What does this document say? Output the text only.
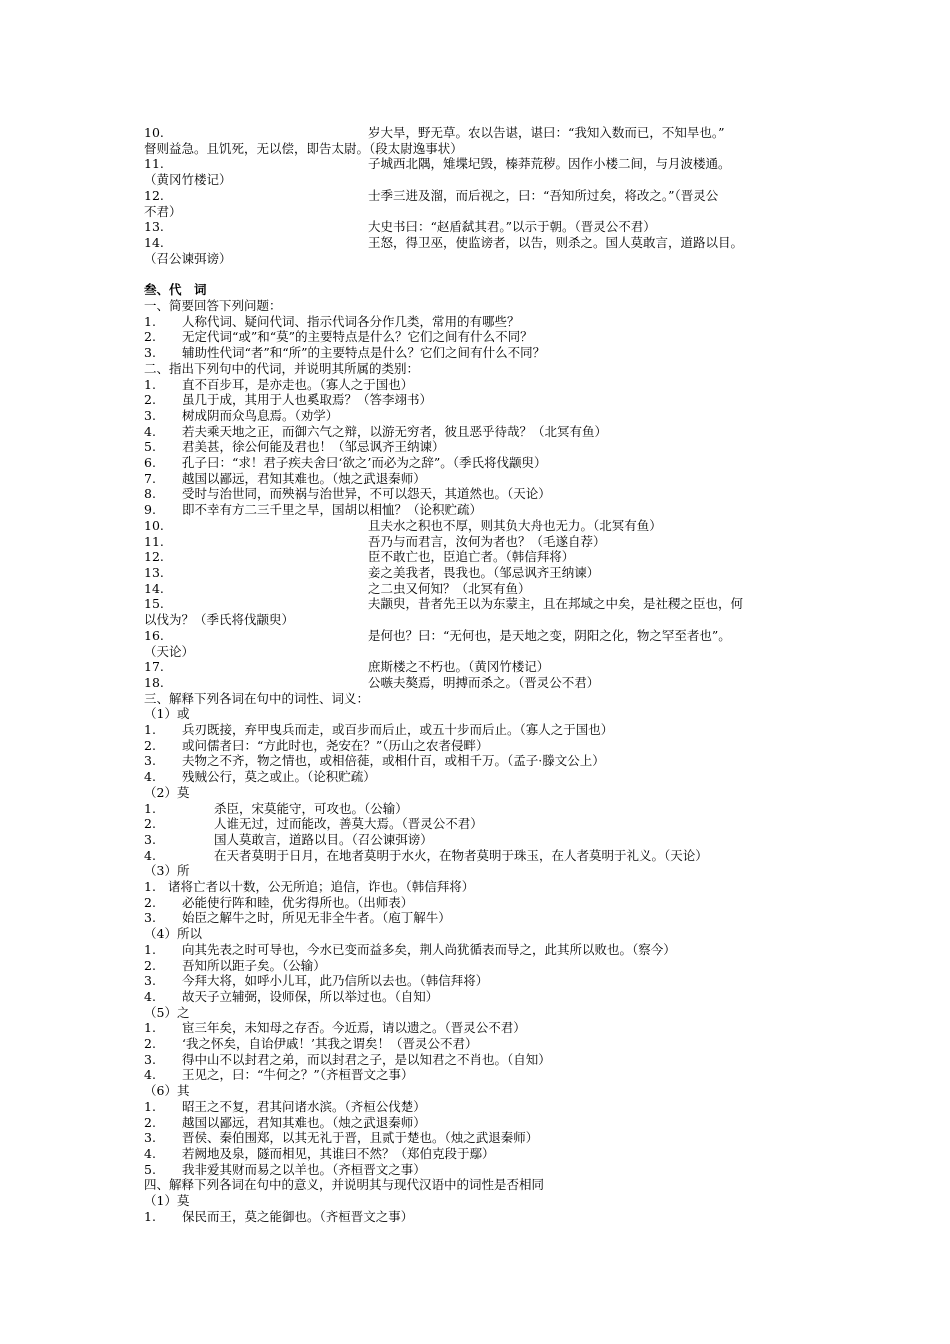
10.	岁大旱，野无草。农以告谌，谌曰：“我知入数而已，不知旱也。”
督则益急。且饥死，无以偿，即告太尉。（段太尉逸事状）
11.	子城西北隅，雉堞圮毁，榛莽荒秽。因作小楼二间，与月波楼通。
（黄冈竹楼记）
12.	士季三进及溜，而后视之，曰：“吾知所过矣，将改之。”（晋灵公
不君）
13.	大史书曰：“赵盾弑其君。”以示于朝。（晋灵公不君）
14.	王怒，得卫巫，使监谤者，以告，则杀之。国人莫敢言，道路以目。
（召公谏弭谤）
叁、代　词
一、简要回答下列问题：
1. 人称代词、疑问代词、指示代词各分作几类，常用的有哪些？
2. 无定代词“或”和“莫”的主要特点是什么？它们之间有什么不同？
3. 辅助性代词“者”和“所”的主要特点是什么？它们之间有什么不同？
二、指出下列句中的代词，并说明其所属的类别：
1. 直不百步耳，是亦走也。（寡人之于国也）
2. 虽几于成，其用于人也奚取焉？（答李翊书）
3. 树成阴而众鸟息焉。（劝学）
4. 若夫乘天地之正，而御六气之辩，以游无穷者，彼且恶乎待哉？（北冥有鱼）
5. 君美甚，徐公何能及君也！（邹忌讽齐王纳谏）
6. 孔子曰：“求！君子疾夫舍曰‘欲之’而必为之辞”。（季氏将伐颛臾）
7. 越国以鄙远，君知其难也。（烛之武退秦师）
8. 受时与治世同，而殃祸与治世异，不可以怨天，其道然也。（天论）
9. 即不幸有方二三千里之旱，国胡以相恤？（论积贮疏）
10.	且夫水之积也不厚，则其负大舟也无力。（北冥有鱼）
11.	吾乃与而君言，汝何为者也？（毛遂自荐）
12.	臣不敢亡也，臣追亡者。（韩信拜将）
13.	妾之美我者，畏我也。（邹忌讽齐王纳谏）
14.	之二虫又何知？（北冥有鱼）
15.	夫颛臾，昔者先王以为东蒙主，且在邦域之中矣，是社稷之臣也，何
以伐为？（季氏将伐颛臾）
16.	是何也？曰：“无何也，是天地之变，阴阳之化，物之罕至者也”。
（天论）
17.	庶斯楼之不朽也。（黄冈竹楼记）
18.	公嗾夫獒焉，明搏而杀之。（晋灵公不君）
三、解释下列各词在句中的词性、词义：
（1）或
1. 兵刃既接，弃甲曳兵而走，或百步而后止，或五十步而后止。（寡人之于国也）
2. 或问儒者曰：“方此时也，尧安在？”（历山之农者侵畔）
3. 夫物之不齐，物之情也，或相倍蓰，或相什百，或相千万。（孟子·滕文公上）
4. 残贼公行，莫之或止。（论积贮疏）
（2）莫
1.	杀臣，宋莫能守，可攻也。（公输）
2.	人谁无过，过而能改，善莫大焉。（晋灵公不君）
3.	国人莫敢言，道路以目。（召公谏弭谤）
4.	在天者莫明于日月，在地者莫明于水火，在物者莫明于珠玉，在人者莫明于礼义。（天论）
（3）所
1. 诸将亡者以十数，公无所追；追信，诈也。（韩信拜将）
2. 必能使行阵和睦，优劣得所也。（出师表）
3. 始臣之解牛之时，所见无非全牛者。（庖丁解牛）
（4）所以
1. 向其先表之时可导也，今水已变而益多矣，荆人尚犹循表而导之，此其所以败也。（察今）
2. 吾知所以距子矣。（公输）
3. 今拜大将，如呼小儿耳，此乃信所以去也。（韩信拜将）
4. 故天子立辅弼，设师保，所以举过也。（自知）
（5）之
1. 宦三年矣，未知母之存否。今近焉，请以遗之。（晋灵公不君）
2. ‘我之怀矣，自诒伊戚！’其我之谓矣！（晋灵公不君）
3. 得中山不以封君之弟，而以封君之子，是以知君之不肖也。（自知）
4. 王见之，曰：“牛何之？”（齐桓晋文之事）
（6）其
1. 昭王之不复，君其问诸水滨。（齐桓公伐楚）
2. 越国以鄙远，君知其难也。（烛之武退秦师）
3. 晋侯、秦伯围郑，以其无礼于晋，且贰于楚也。（烛之武退秦师）
4. 若阙地及泉，隧而相见，其谁曰不然？（郑伯克段于鄢）
5. 我非爱其财而易之以羊也。（齐桓晋文之事）
四、解释下列各词在句中的意义，并说明其与现代汉语中的词性是否相同
（1）莫
1. 保民而王，莫之能御也。（齐桓晋文之事）
